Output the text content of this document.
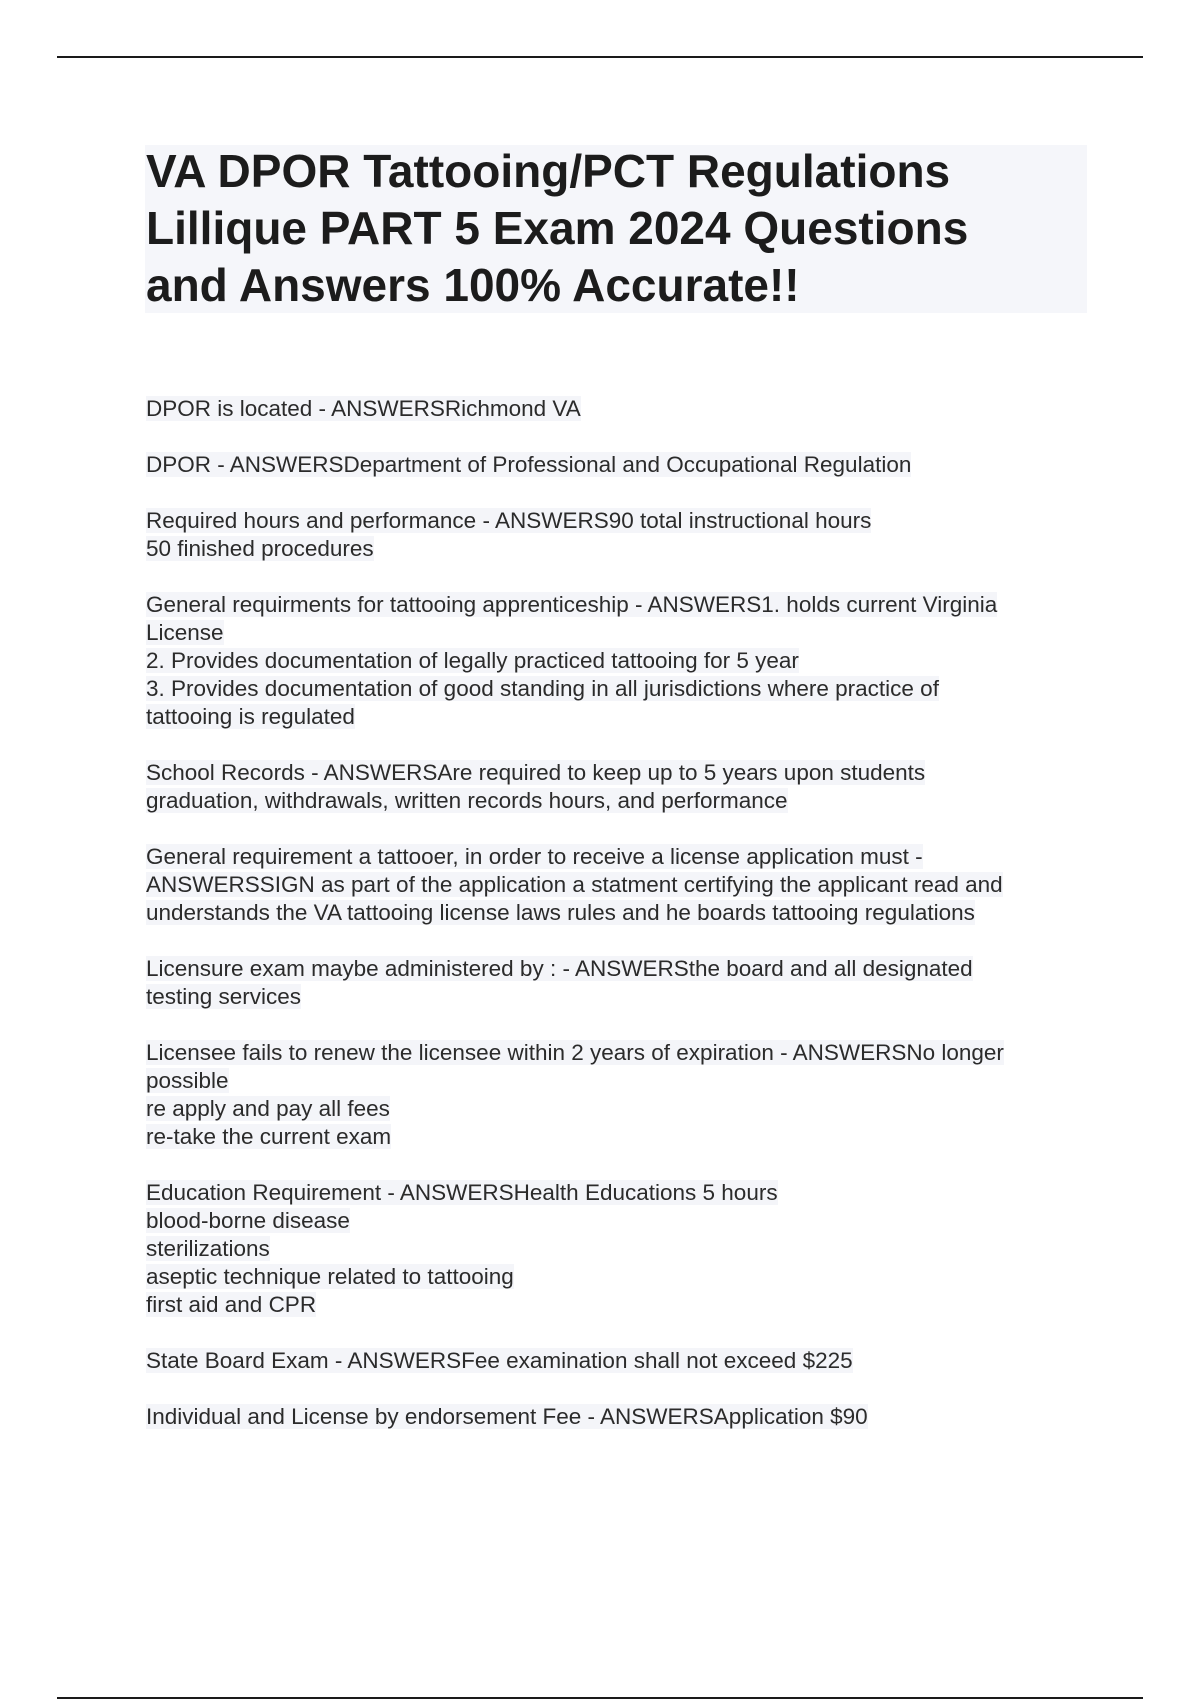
VA DPOR Tattooing/PCT Regulations
Lillique PART 5 Exam 2024 Questions
and Answers 100% Accurate!!
DPOR is located - ANSWERSRichmond VA
DPOR - ANSWERSDepartment of Professional and Occupational Regulation
Required hours and performance - ANSWERS90 total instructional hours
50 finished procedures
General requirments for tattooing apprenticeship - ANSWERS1. holds current Virginia
License
2. Provides documentation of legally practiced tattooing for 5 year
3. Provides documentation of good standing in all jurisdictions where practice of
tattooing is regulated
School Records - ANSWERSAre required to keep up to 5 years upon students
graduation, withdrawals, written records hours, and performance
General requirement a tattooer, in order to receive a license application must -
ANSWERSSIGN as part of the application a statment certifying the applicant read and
understands the VA tattooing license laws rules and he boards tattooing regulations
Licensure exam maybe administered by : - ANSWERSthe board and all designated
testing services
Licensee fails to renew the licensee within 2 years of expiration - ANSWERSNo longer
possible
re apply and pay all fees
re-take the current exam
Education Requirement - ANSWERSHealth Educations 5 hours
blood-borne disease
sterilizations
aseptic technique related to tattooing
first aid and CPR
State Board Exam - ANSWERSFee examination shall not exceed $225
Individual and License by endorsement Fee - ANSWERSApplication $90
